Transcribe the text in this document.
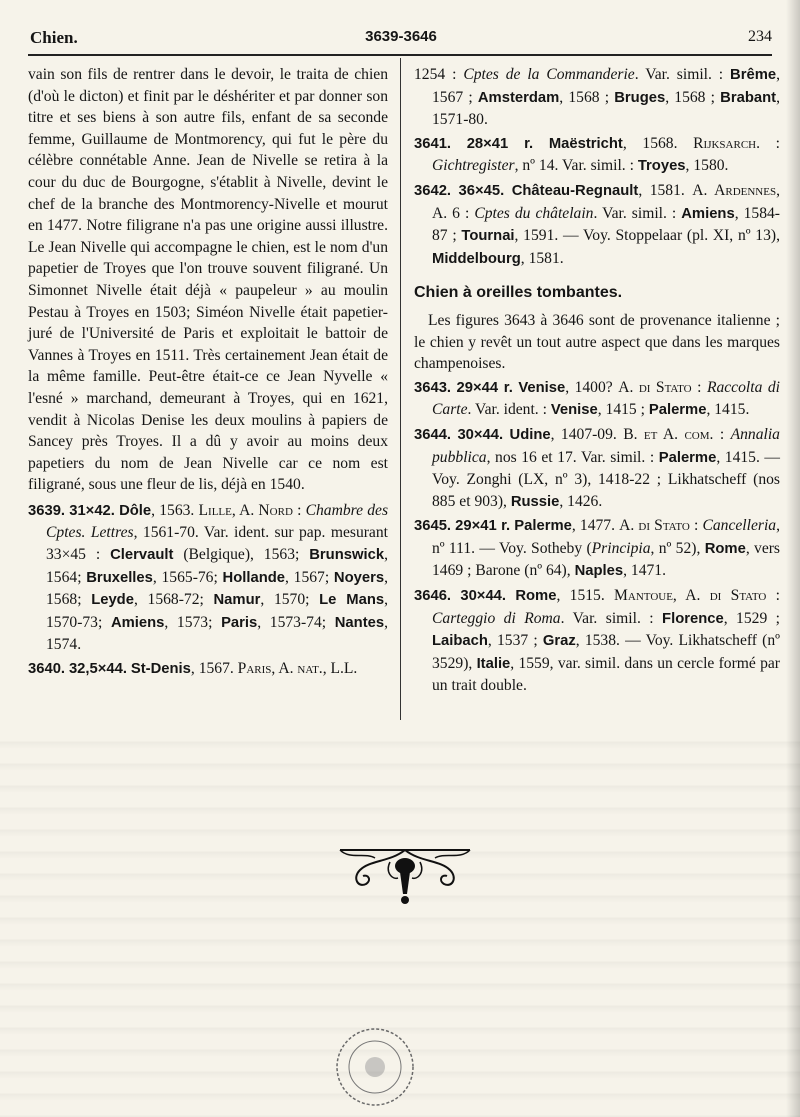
Chien.	3639-3646	234

vain son fils de rentrer dans le devoir, le traita de chien (d'où le dicton) et finit par le déshériter et par donner son titre et ses biens à son autre fils, enfant de sa seconde femme, Guillaume de Montmorency, qui fut le père du célèbre connétable Anne. Jean de Nivelle se retira à la cour du duc de Bourgogne, s'établit à Nivelle, devint le chef de la branche des Montmorency-Nivelle et mourut en 1477. Notre filigrane n'a pas une origine aussi illustre. Le Jean Nivelle qui accompagne le chien, est le nom d'un papetier de Troyes que l'on trouve souvent filigrané. Un Simonnet Nivelle était déjà « paupeleur » au moulin Pestau à Troyes en 1503; Siméon Nivelle était papetier-juré de l'Université de Paris et exploitait le battoir de Vannes à Troyes en 1511. Très certainement Jean était de la même famille. Peut-être était-ce ce Jean Nyvelle « l'esné » marchand, demeurant à Troyes, qui en 1621, vendit à Nicolas Denise les deux moulins à papiers de Sancey près Troyes. Il a dû y avoir au moins deux papetiers du nom de Jean Nivelle car ce nom est filigrané, sous une fleur de lis, déjà en 1540.

3639. 31×42. Dôle, 1563. Lille, A. Nord : Chambre des Cptes. Lettres, 1561-70. Var. ident. sur pap. mesurant 33×45 : Clervault (Belgique), 1563; Brunswick, 1564; Bruxelles, 1565-76; Hollande, 1567; Noyers, 1568; Leyde, 1568-72; Namur, 1570; Le Mans, 1570-73; Amiens, 1573; Paris, 1573-74; Nantes, 1574.

3640. 32,5×44. St-Denis, 1567. Paris, A. nat., L.L.

1254 : Cptes de la Commanderie. Var. simil. : Brême, 1567 ; Amsterdam, 1568 ; Bruges, 1568 ; Brabant, 1571-80.

3641. 28×41 r. Maëstricht, 1568. Rijksarch. : Gichtregister, nº 14. Var. simil. : Troyes, 1580.

3642. 36×45. Château-Regnault, 1581. A. Ardennes, A. 6 : Cptes du châtelain. Var. simil. : Amiens, 1584-87 ; Tournai, 1591. — Voy. Stoppelaar (pl. XI, nº 13), Middelbourg, 1581.

Chien à oreilles tombantes.

Les figures 3643 à 3646 sont de provenance italienne ; le chien y revêt un tout autre aspect que dans les marques champenoises.

3643. 29×44 r. Venise, 1400? A. di Stato : Raccolta di Carte. Var. ident. : Venise, 1415 ; Palerme, 1415.

3644. 30×44. Udine, 1407-09. B. et A. com. : Annalia pubblica, nos 16 et 17. Var. simil. : Palerme, 1415. — Voy. Zonghi (LX, nº 3), 1418-22 ; Likhatscheff (nos 885 et 903), Russie, 1426.

3645. 29×41 r. Palerme, 1477. A. di Stato : Cancelleria, nº 111. — Voy. Sotheby (Principia, nº 52), Rome, vers 1469 ; Barone (nº 64), Naples, 1471.

3646. 30×44. Rome, 1515. Mantoue, A. di Stato : Carteggio di Roma. Var. simil. : Florence, 1529 ; Laibach, 1537 ; Graz, 1538. — Voy. Likhatscheff (nº 3529), Italie, 1559, var. simil. dans un cercle formé par un trait double.
